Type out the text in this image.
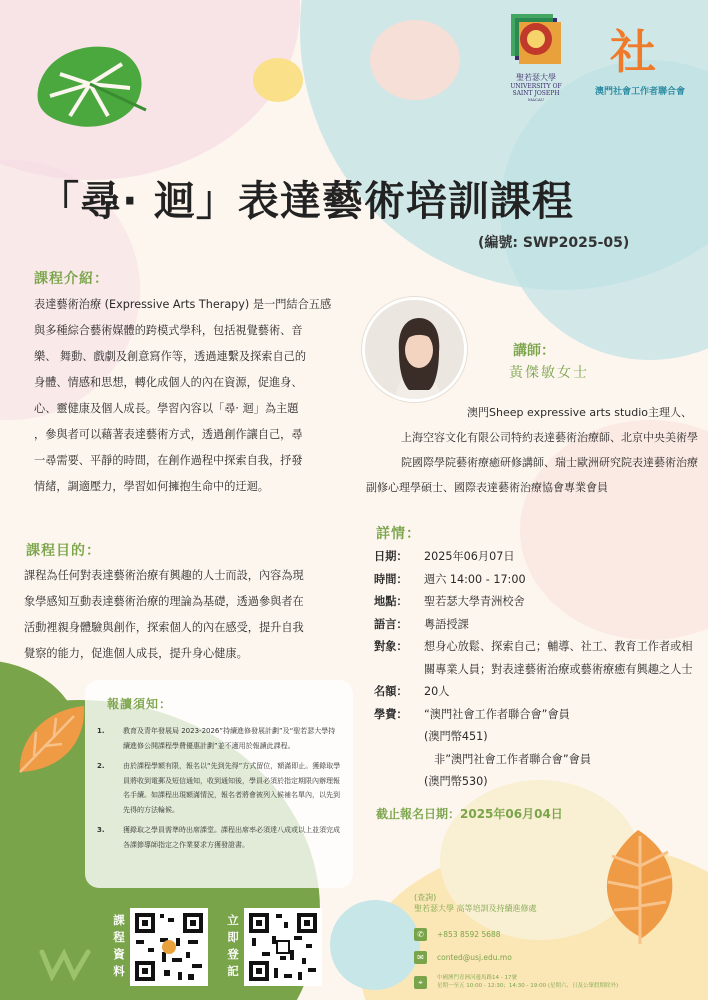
聖若瑟大學
UNIVERSITY OF
SAINT JOSEPH
MACAU
社
澳門社會工作者聯合會
「尋· 迴」表達藝術培訓課程
(編號: SWP2025-05)
課程介紹：
表達藝術治療 (Expressive Arts Therapy) 是一門結合五感
與多種綜合藝術媒體的跨模式學科，包括視覺藝術、音
樂、 舞動、戲劇及創意寫作等，透過連繫及探索自己的
身體、情感和思想，轉化成個人的內在資源，促進身、
心、靈健康及個人成長。學習內容以「尋· 迴」為主題
，參與者可以藉著表達藝術方式，透過創作讓自己，尋
一尋需要、平靜的時間，在創作過程中探索自我，抒發
情緒，調適壓力，學習如何擁抱生命中的迂迴。
講師：
黃傑敏女士
澳門Sheep expressive arts studio主理人、
上海空容文化有限公司特約表達藝術治療師、北京中央美術學
院國際學院藝術療癒研修講師、瑞士歐洲研究院表達藝術治療
副修心理學碩士、國際表達藝術治療協會專業會員
課程目的：
課程為任何對表達藝術治療有興趣的人士而設，內容為現
象學感知互動表達藝術治療的理論為基礎，透過參與者在
活動裡親身體驗與創作，探索個人的內在感受，提升自我
覺察的能力，促進個人成長，提升身心健康。
詳情：
日期：	2025年06月07日
時間：	週六 14:00 - 17:00
地點：	聖若瑟大學青洲校舍
語言：	粵語授課
對象：	想身心放鬆、探索自己；輔導、社工、教育工作者或相關專業人員；對表達藝術治療或藝術療癒有興趣之人士
名額：	20人
學費：	“澳門社會工作者聯合會”會員
(澳門幣451)
非”澳門社會工作者聯合會”會員
(澳門幣530)
截止報名日期：2025年06月04日
報讀須知：
1.	教育及青年發展局 2023-2026”持續進修發展計劃”及“聖若瑟大學持續進修公開課程學費優惠計劃”並不適用於報讀此課程。
2.	由於課程學額有限，報名以“先到先得”方式留位，額滿即止。獲錄取學員將收到電郵及短信通知，收到通知後，學員必須於指定期限內辦理報名手續。如課程出現額滿情況，報名者將會被列入候補名單內，以先到先得的方法輪候。
3.	獲錄取之學員需準時出席課堂。課程出席率必須達八成或以上並須完成各課節導師指定之作業要求方獲發證書。
課
程
資
料
立
即
登
記
(查詢)
聖若瑟大學 高等培訓及持續進修處
✆	+853 8592 5688
✉	conted@usj.edu.mo
⌖	中國澳門青洲河邊馬路14 - 17號
星期一至五 10:00 - 12:30；14:30 - 19:00 (星期六、日及公眾假期除外)
